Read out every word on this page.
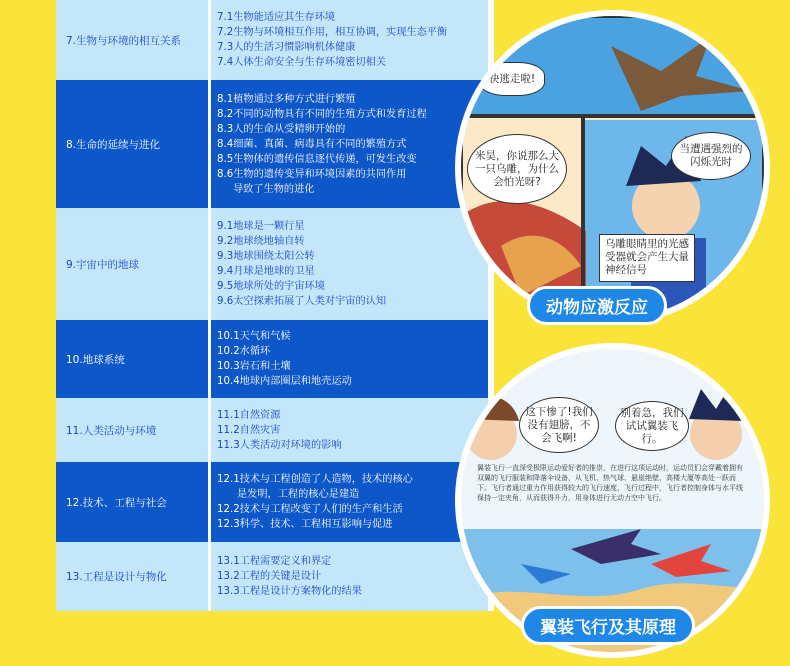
7.生物与环境的相互关系
7.1生物能适应其生存环境
7.2生物与环境相互作用，相互协调，实现生态平衡
7.3人的生活习惯影响机体健康
7.4人体生命安全与生存环境密切相关
8.生命的延续与进化
8.1植物通过多种方式进行繁殖
8.2不同的动物具有不同的生殖方式和发育过程
8.3人的生命从受精卵开始的
8.4细菌、真菌、病毒具有不同的繁殖方式
8.5生物体的遗传信息逐代传递，可发生改变
8.6生物的遗传变异和环境因素的共同作用
导致了生物的进化
9.宇宙中的地球
9.1地球是一颗行星
9.2地球绕地轴自转
9.3地球围绕太阳公转
9.4月球是地球的卫星
9.5地球所处的宇宙环境
9.6太空探索拓展了人类对宇宙的认知
10.地球系统
10.1天气和气候
10.2水循环
10.3岩石和土壤
10.4地球内部圈层和地壳运动
11.人类活动与环境
11.1自然资源
11.2自然灾害
11.3人类活动对环境的影响
12.技术、工程与社会
12.1技术与工程创造了人造物，技术的核心
是发明，工程的核心是建造
12.2技术与工程改变了人们的生产和生活
12.3科学、技术、工程相互影响与促进
13.工程是设计与物化
13.1工程需要定义和界定
13.2工程的关键是设计
13.3工程是设计方案物化的结果
快逃走啦!
米昊，你说那么大一只乌雕，为什么会怕光呀?
当遭遇强烈的闪烁光时
乌雕眼睛里的光感受器就会产生大量神经信号
动物应激反应
这下惨了!我们没有翅膀，不会飞啊!
别着急，我们试试翼装飞行。
翼装飞行一直深受极限运动爱好者的推崇，在进行这项运动时，运动员们会穿戴着拥有双翼的飞行服装和降落伞设备，从飞机、热气球、悬崖绝壁、高楼大厦等高处一跃而下。飞行者通过重力作用获得较大的飞行速度，飞行过程中，飞行者控制身体与水平线保持一定夹角，从而获得升力，用身体进行无动力空中飞行。
翼装飞行及其原理
